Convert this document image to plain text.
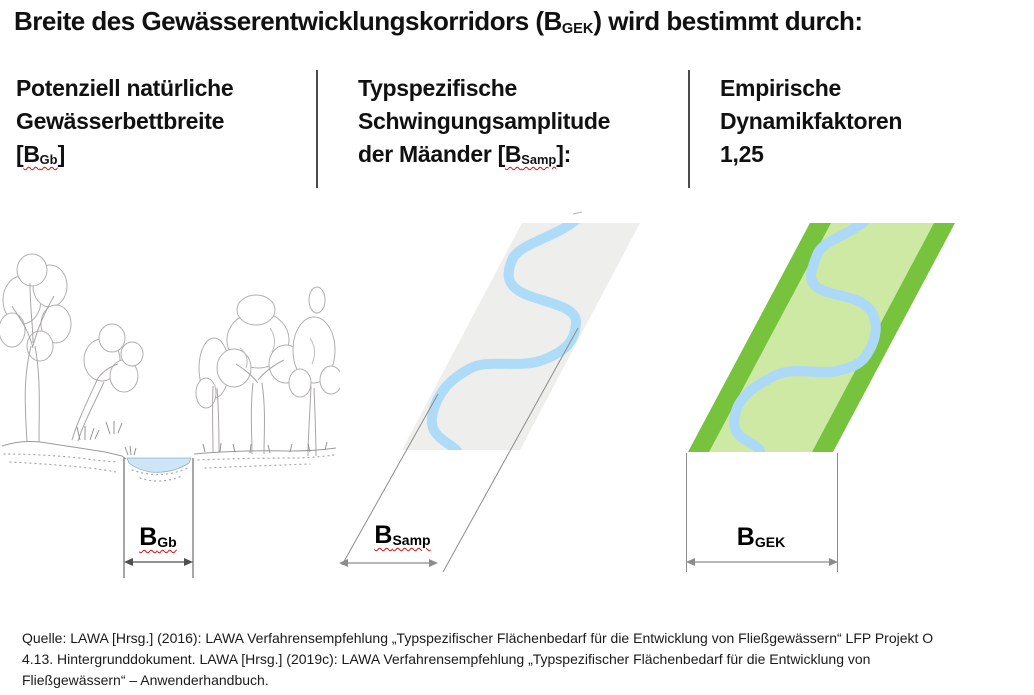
Breite des Gewässerentwicklungskorridors (BGEK) wird bestimmt durch:
Potenziell natürliche
Gewässerbettbreite
[BGb]
Typspezifische
Schwingungsamplitude
der Mäander [BSamp]:
Empirische
Dynamikfaktoren
1,25
BGb	BSamp	BGEK
Quelle: LAWA [Hrsg.] (2016): LAWA Verfahrensempfehlung „Typspezifischer Flächenbedarf für die Entwicklung von Fließgewässern“ LFP Projekt O 4.13. Hintergrunddokument. LAWA [Hrsg.] (2019c): LAWA Verfahrensempfehlung „Typspezifischer Flächenbedarf für die Entwicklung von Fließgewässern“ – Anwenderhandbuch.
